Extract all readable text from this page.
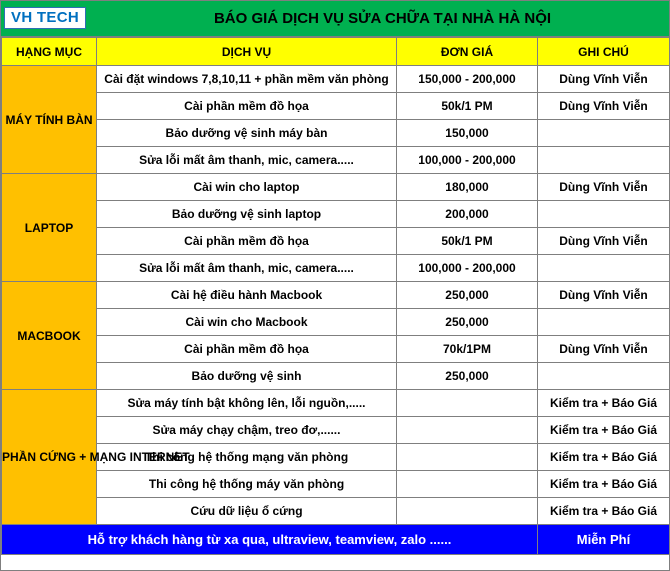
VH TECH	BÁO GIÁ DỊCH VỤ SỬA CHỮA TẠI NHÀ HÀ NỘI
HẠNG MỤC	DỊCH VỤ	ĐƠN GIÁ	GHI CHÚ
MÁY TÍNH BÀN	Cài đặt windows 7,8,10,11 + phần mềm văn phòng	150,000 - 200,000	Dùng Vĩnh Viễn
	Cài phần mềm đồ họa	50k/1 PM	Dùng Vĩnh Viễn
	Bảo dưỡng vệ sinh máy bàn	150,000	
	Sửa lỗi mất âm thanh, mic, camera.....	100,000 - 200,000	
LAPTOP	Cài win cho laptop	180,000	Dùng Vĩnh Viễn
	Bảo dưỡng vệ sinh laptop	200,000	
	Cài phần mềm đồ họa	50k/1 PM	Dùng Vĩnh Viễn
	Sửa lỗi mất âm thanh, mic, camera.....	100,000 - 200,000	
MACBOOK	Cài hệ điều hành Macbook	250,000	Dùng Vĩnh Viễn
	Cài win cho Macbook	250,000	
	Cài phần mềm đồ họa	70k/1PM	Dùng Vĩnh Viễn
	Bảo dưỡng vệ sinh	250,000	
PHẦN CỨNG + MẠNG INTERNET	Sửa máy tính bật không lên, lỗi nguồn,.....		Kiểm tra + Báo Giá
	Sửa máy chạy chậm, treo đơ,......		Kiểm tra + Báo Giá
	Thi công hệ thống mạng văn phòng		Kiểm tra + Báo Giá
	Thi công hệ thống máy văn phòng		Kiểm tra + Báo Giá
	Cứu dữ liệu ổ cứng		Kiểm tra + Báo Giá
Hỗ trợ khách hàng từ xa qua, ultraview, teamview, zalo ......			Miễn Phí
